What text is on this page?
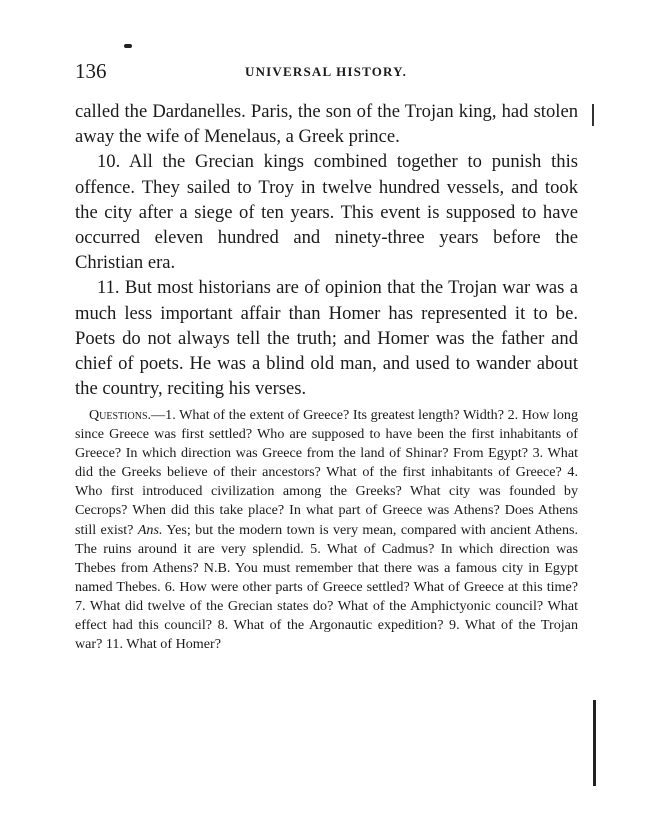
136	UNIVERSAL HISTORY.

called the Dardanelles. Paris, the son of the Trojan king, had stolen away the wife of Menelaus, a Greek prince.

10. All the Grecian kings combined together to punish this offence. They sailed to Troy in twelve hundred vessels, and took the city after a siege of ten years. This event is supposed to have occurred eleven hundred and ninety-three years before the Christian era.

11. But most historians are of opinion that the Trojan war was a much less important affair than Homer has represented it to be. Poets do not always tell the truth; and Homer was the father and chief of poets. He was a blind old man, and used to wander about the country, reciting his verses.

Questions.—1. What of the extent of Greece? Its greatest length? Width? 2. How long since Greece was first settled? Who are supposed to have been the first inhabitants of Greece? In which direction was Greece from the land of Shinar? From Egypt? 3. What did the Greeks believe of their ancestors? What of the first inhabitants of Greece? 4. Who first introduced civilization among the Greeks? What city was founded by Cecrops? When did this take place? In what part of Greece was Athens? Does Athens still exist? Ans. Yes; but the modern town is very mean, compared with ancient Athens. The ruins around it are very splendid. 5. What of Cadmus? In which direction was Thebes from Athens? N.B. You must remember that there was a famous city in Egypt named Thebes. 6. How were other parts of Greece settled? What of Greece at this time? 7. What did twelve of the Grecian states do? What of the Amphictyonic council? What effect had this council? 8. What of the Argonautic expedition? 9. What of the Trojan war? 11. What of Homer?
